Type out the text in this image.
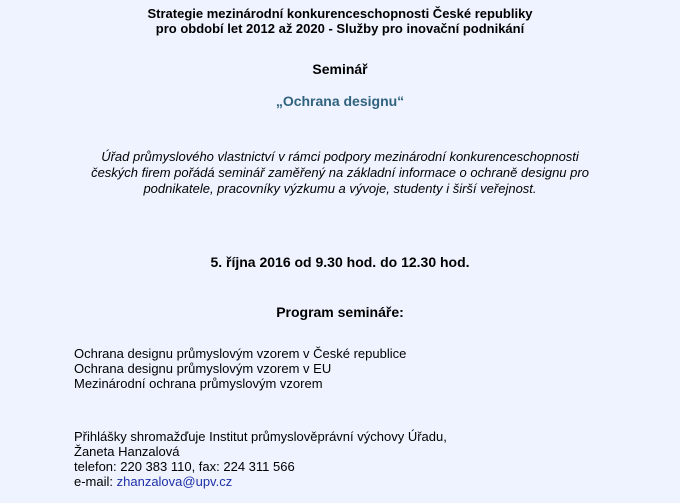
Strategie mezinárodní konkurenceschopnosti České republiky
pro období let 2012 až 2020 - Služby pro inovační podnikání
Seminář
„Ochrana designu“
Úřad průmyslového vlastnictví v rámci podpory mezinárodní konkurenceschopnosti
českých firem pořádá seminář zaměřený na základní informace o ochraně designu pro
podnikatele, pracovníky výzkumu a vývoje, studenty i širší veřejnost.
5. října 2016 od 9.30 hod. do 12.30 hod.
Program semináře:
Ochrana designu průmyslovým vzorem v České republice
Ochrana designu průmyslovým vzorem v EU
Mezinárodní ochrana průmyslovým vzorem
Přihlášky shromažďuje Institut průmyslověprávní výchovy Úřadu,
Žaneta Hanzalová
telefon: 220 383 110, fax: 224 311 566
e-mail: zhanzalova@upv.cz
